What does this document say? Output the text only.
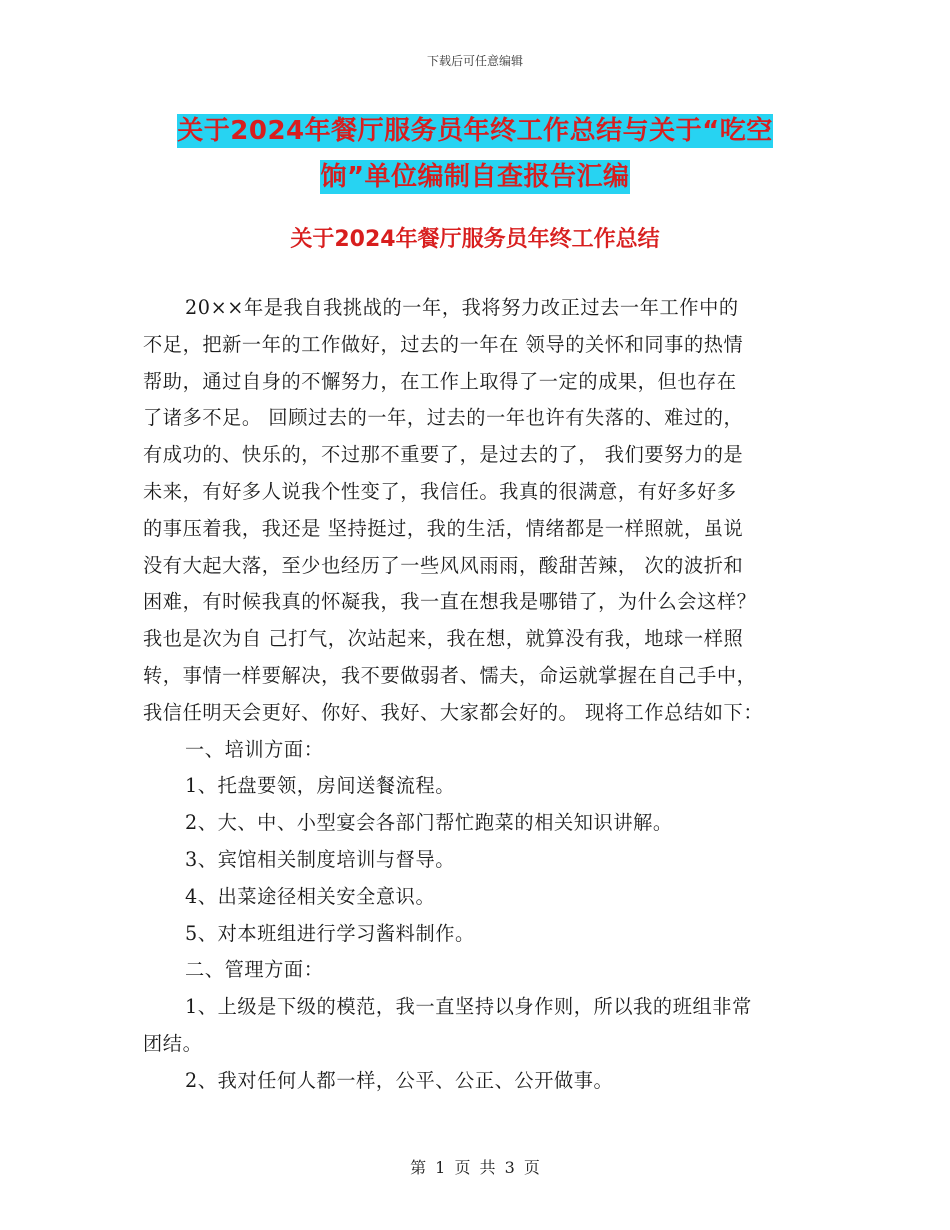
下载后可任意编辑
关于2024年餐厅服务员年终工作总结与关于“吃空
饷”单位编制自查报告汇编
关于2024年餐厅服务员年终工作总结
20××年是我自我挑战的一年，我将努力改正过去一年工作中的
不足，把新一年的工作做好，过去的一年在 领导的关怀和同事的热情
帮助，通过自身的不懈努力，在工作上取得了一定的成果，但也存在
了诸多不足。 回顾过去的一年，过去的一年也许有失落的、难过的，
有成功的、快乐的，不过那不重要了，是过去的了， 我们要努力的是
未来，有好多人说我个性变了，我信任。我真的很满意，有好多好多
的事压着我，我还是 坚持挺过，我的生活，情绪都是一样照就，虽说
没有大起大落，至少也经历了一些风风雨雨，酸甜苦辣， 次的波折和
困难，有时候我真的怀凝我，我一直在想我是哪错了，为什么会这样？
我也是次为自 己打气，次站起来，我在想，就算没有我，地球一样照
转，事情一样要解决，我不要做弱者、懦夫，命运就掌握在自己手中，
我信任明天会更好、你好、我好、大家都会好的。 现将工作总结如下：
一、培训方面：
1、托盘要领，房间送餐流程。
2、大、中、小型宴会各部门帮忙跑菜的相关知识讲解。
3、宾馆相关制度培训与督导。
4、出菜途径相关安全意识。
5、对本班组进行学习酱料制作。
二、管理方面：
1、上级是下级的模范，我一直坚持以身作则，所以我的班组非常
团结。
2、我对任何人都一样，公平、公正、公开做事。
第 1 页 共 3 页
